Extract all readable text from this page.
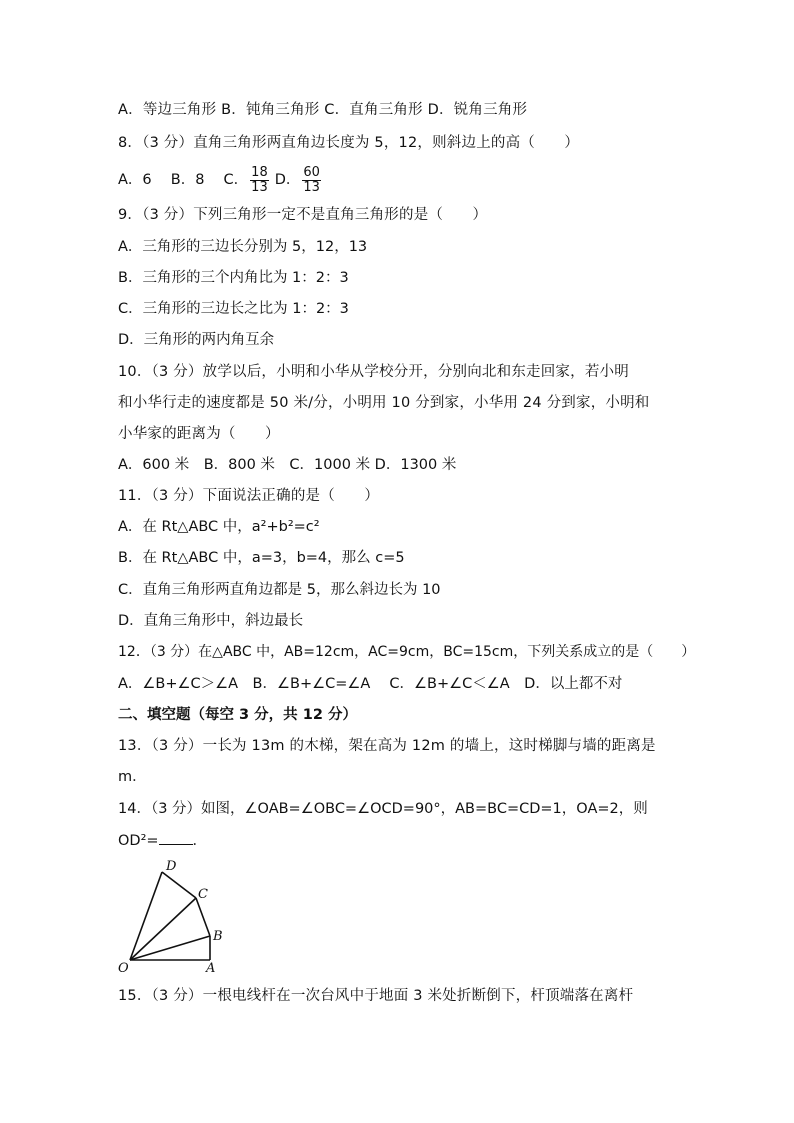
A．等边三角形 B．钝角三角形 C．直角三角形 D．锐角三角形
8．（3 分）直角三角形两直角边长度为 5，12，则斜边上的高（　　）
A．6　 B．8　 C． $\frac{18}{13}$ D． $\frac{60}{13}$
9．（3 分）下列三角形一定不是直角三角形的是（　　）
A．三角形的三边长分别为 5，12，13
B．三角形的三个内角比为 1：2：3
C．三角形的三边长之比为 1：2：3
D．三角形的两内角互余
10．（3 分）放学以后，小明和小华从学校分开，分别向北和东走回家，若小明
和小华行走的速度都是 50 米/分，小明用 10 分到家，小华用 24 分到家，小明和
小华家的距离为（　　）
A．600 米　B．800 米　C．1000 米 D．1300 米
11．（3 分）下面说法正确的是（　　）
A．在 Rt△ABC 中，a²+b²=c²
B．在 Rt△ABC 中，a=3，b=4，那么 c=5
C．直角三角形两直角边都是 5，那么斜边长为 10
D．直角三角形中，斜边最长
12．（3 分）在△ABC 中，AB=12cm，AC=9cm，BC=15cm，下列关系成立的是（　　）
A．∠B+∠C＞∠A　B．∠B+∠C=∠A　 C．∠B+∠C＜∠A　D．以上都不对
二、填空题（每空 3 分，共 12 分）
13．（3 分）一长为 13m 的木梯，架在高为 12m 的墙上，这时梯脚与墙的距离是
m．
14．（3 分）如图，∠OAB=∠OBC=∠OCD=90°，AB=BC=CD=1，OA=2，则
OD²= ．
O	A
B
C
D
15．（3 分）一根电线杆在一次台风中于地面 3 米处折断倒下，杆顶端落在离杆
